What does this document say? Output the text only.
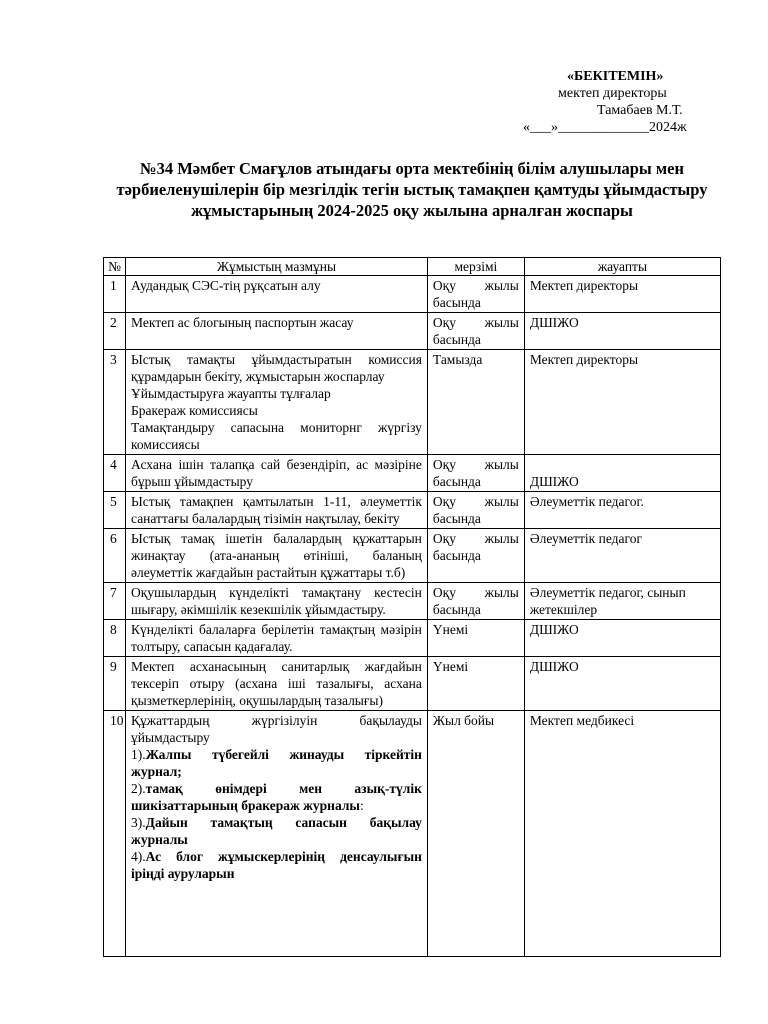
«БЕКІТЕМІН»
мектеп директоры
Тамабаев М.Т.
«___»_____________2024ж
№34 Мәмбет Смағұлов атындағы орта мектебінің білім алушылары мен тәрбиеленушілерін бір мезгілдік тегін ыстық тамақпен қамтуды ұйымдастыру жұмыстарының 2024-2025 оқу жылына арналған жоспары
№	Жұмыстың мазмұны	мерзімі	жауапты
1	Аудандық СЭС-тің рұқсатын алу	Оқу жылы басында	Мектеп директоры
2	Мектеп ас блогының паспортын жасау	Оқу жылы басында	ДШІЖО
3	Ыстық тамақты ұйымдастыратын комиссия құрамдарын бекіту, жұмыстарын жоспарлау
Ұйымдастыруға жауапты тұлғалар
Бракераж комиссиясы
Тамақтандыру сапасына мониторнг жүргізу комиссиясы	Тамызда	Мектеп директоры
4	Асхана ішін талапқа сай безендіріп, ас мәзіріне бұрыш ұйымдастыру	Оқу жылы басында	ДШІЖО
5	Ыстық тамақпен қамтылатын 1-11, әлеуметтік санаттағы балалардың тізімін нақтылау, бекіту	Оқу жылы басында	Әлеуметтік педагог.
6	Ыстық тамақ ішетін балалардың құжаттарын жинақтау (ата-ананың өтініші, баланың әлеуметтік жағдайын растайтын құжаттары т.б)	Оқу жылы басында	Әлеуметтік педагог
7	Оқушылардың күнделікті тамақтану кестесін шығару, әкімшілік кезекшілік ұйымдастыру.	Оқу жылы басында	Әлеуметтік педагог, сынып жетекшілер
8	Күнделікті балаларға берілетін тамақтың мәзірін толтыру, сапасын қадағалау.	Үнемі	ДШІЖО
9	Мектеп асханасының санитарлық жағдайын тексеріп отыру (асхана іші тазалығы, асхана қызметкерлерінің, оқушылардың тазалығы)	Үнемі	ДШІЖО
10	Құжаттардың жүргізілуін бақылауды ұйымдастыру
1).Жалпы түбегейлі жинауды тіркейтін журнал;
2).тамақ өнімдері мен азық-түлік шикізаттарының бракераж журналы:
3).Дайын тамақтың сапасын бақылау журналы
4).Ас блог жұмыскерлерінің денсаулығын іріңді ауруларын	Жыл бойы	Мектеп медбикесі
